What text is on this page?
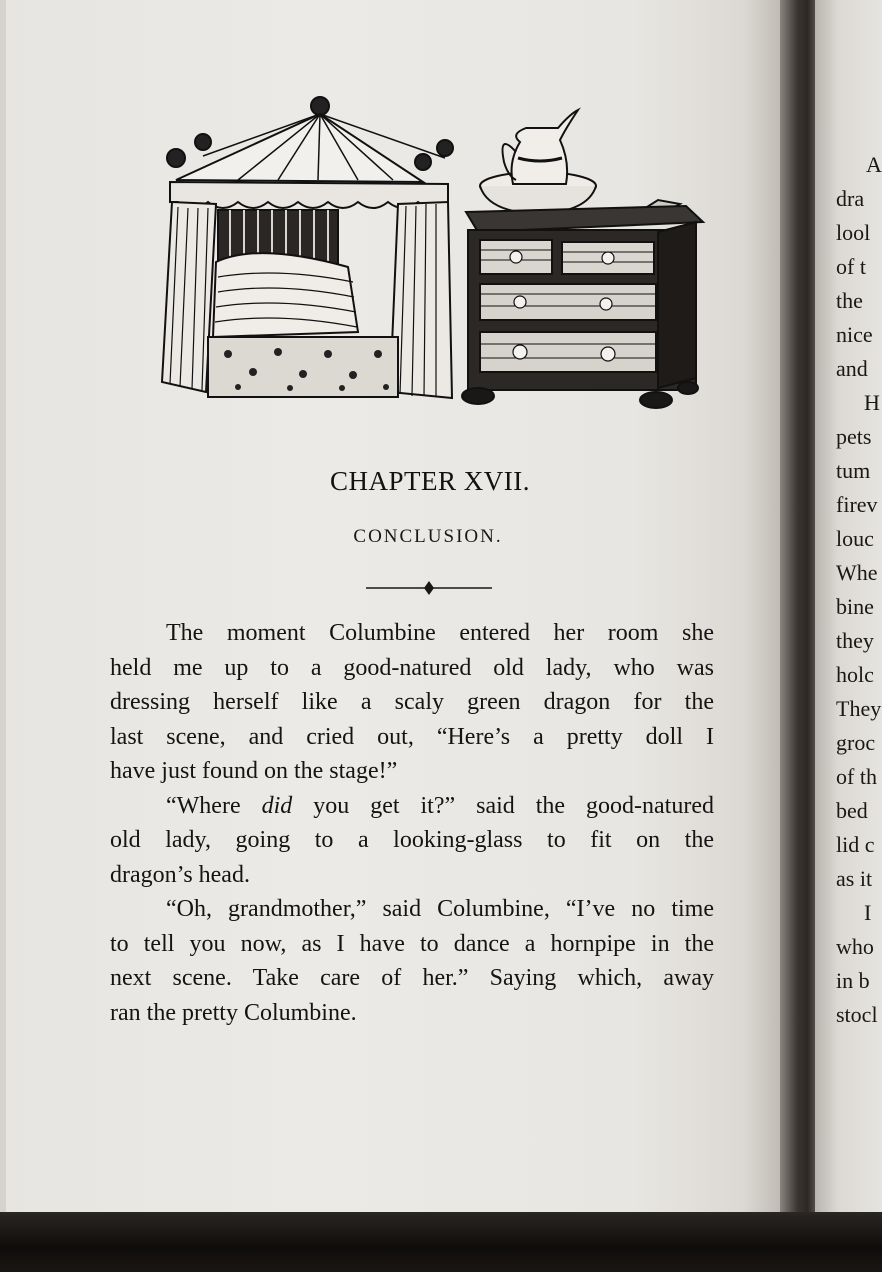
CHAPTER XVII.
CONCLUSION.

The moment Columbine entered her room she
held me up to a good-natured old lady, who was
dressing herself like a scaly green dragon for the
last scene, and cried out, “Here’s a pretty doll I
have just found on the stage!”

“Where did you get it?” said the good-natured
old lady, going to a looking-glass to fit on the
dragon’s head.

“Oh, grandmother,” said Columbine, “I’ve no time
to tell you now, as I have to dance a hornpipe in the
next scene. Take care of her.” Saying which, away
ran the pretty Columbine.

A
dra
lool
of t
the
nice
and
H
pets
tum
firev
louc
Whe
bine
they
holc
They
groc
of th
bed
lid c
as it
I
who
in b
stocl
